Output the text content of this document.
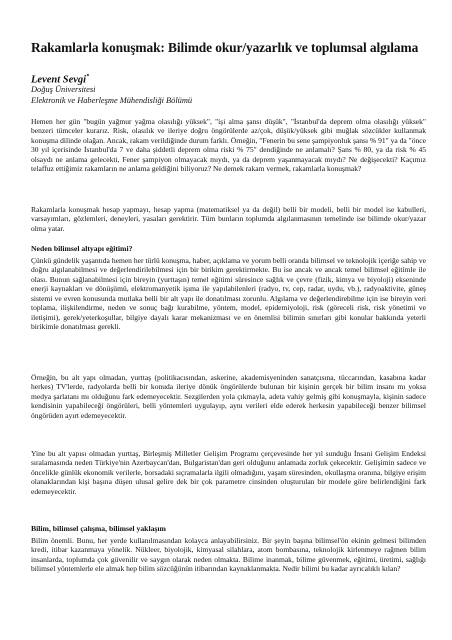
Rakamlarla konuşmak: Bilimde okur/yazarlık ve toplumsal algılama
Levent Sevgi*
Doğuş Üniversitesi
Elektronik ve Haberleşme Mühendisliği Bölümü
Hemen her gün "bugün yağmur yağma olasılığı yüksek", "işi alma şansı düşük", "İstanbul'da deprem olma olasılığı yüksek" benzeri tümceler kurarız. Risk, olasılık ve ileriye doğru öngörülerde az/çok, düşük/yüksek gibi muğlak sözcükler kullanmak konuşma dilinde olağan. Ancak, rakam verildiğinde durum farklı. Örneğin, "Fenerin bu sene şampiyonluk şansı % 91" ya da "önce 30 yıl içerisinde İstanbul'da 7 ve daha şiddetli deprem olma riski % 75" dendiğinde ne anlamalı? Şans % 80, ya da risk % 45 olsaydı ne anlama gelecekti, Fener şampiyon olmayacak mıydı, ya da deprem yaşanmayacak mıydı? Ne değişecekti? Kaçımız telaffuz ettiğimiz rakamların ne anlama geldiğini biliyoruz? Ne demek rakam vermek, rakamlarla konuşmak?
Rakamlarla konuşmak hesap yapmayı, hesap yapma (matematiksel ya da değil) belli bir modeli, belli bir model ise kabulleri, varsayımları, gözlemleri, deneyleri, yasaları gerektirir. Tüm bunların toplumda algılanmasının temelinde ise bilimde okur/yazar olma yatar.
Neden bilimsel altyapı eğitimi?
Çünkü gündelik yaşantıda hemen her türlü konuşma, haber, açıklama ve yorum belli oranda bilimsel ve teknolojik içeriğe sahip ve doğru algılanabilmesi ve değerlendirilebilmesi için bir birikim gerektirmekte. Bu ise ancak ve ancak temel bilimsel eğitimle ile olası. Bunun sağlanabilmesi için bireyin (yurttaşın) temel eğitimi süresince sağlık ve çevre (fizik, kimya ve biyoloji) ekseninde enerji kaynakları ve dönüşümü, elektromanyetik işıma ile yapılabilenleri (radyo, tv, cep, radar, uydu, vb.), radyoaktivite, güneş sistemi ve evren konusunda mutlaka belli bir alt yapı ile donatılması zorunlu. Algılama ve değerlendirebilme için ise bireyin veri toplama, ilişkilendirme, neden ve sonuç bağı kurabilme, yöntem, model, epidemiyoloji, risk (göreceli risk, risk yönetimi ve iletişimi), gerek/yeterkoşullar, bilgiye dayalı karar mekanizması ve en önemlisi bilimin sınırları gibi konular hakkında yeterli birikimle donatılması gerekli.
Örneğin, bu alt yapı olmadan, yurttaş (politikacısından, askerine, akademisyeninden sanatçısına, tüccarından, kasabına kadar herkes) TV'lerde, radyolarda belli bir konuda ileriye dönük öngörülerde bulunan bir kişinin gerçek bir bilim insanı mı yoksa medya şarlatanı mı olduğunu fark edemeyecektir. Sezgilerden yola çıkmayla, adeta vahiy gelmiş gibi konuşmayla, kişinin sadece kendisinin yapabileceği öngörüleri, belli yöntemleri uygulayıp, aynı verileri elde ederek herkesin yapabileceği benzer bilimsel öngörüden ayırt edemeyecektir.
Yine bu alt yapısı olmadan yurttaş, Birleşmiş Milletler Gelişim Programı çerçevesinde her yıl sunduğu İnsani Gelişim Endeksi sıralamasında neden Türkiye'nin Azerbaycan'dan, Bulgaristan'dan geri olduğunu anlamada zorluk çekecektir. Gelişimin sadece ve öncelikle günlük ekonomik verilerle, borsadaki sıçramalarla ilgili olmadığını, yaşam süresinden, okullaşma oranına, bilgiye erişim olanaklarından kişi başına düşen ulusal gelire dek bir çok parametre cinsinden oluşturulan bir modele göre belirlendiğini fark edemeyecektir.
Bilim, bilimsel çalışma, bilimsel yaklaşım
Bilim önemli. Bunu, her yerde kullanılmasından kolayca anlayabilirsiniz. Bir şeyin başına bilimsel'ön ekinin gelmesi bilimden kredi, itibar kazanmaya yönelik. Nükleer, biyolojik, kimyasal silahlara, atom bombasına, teknolojik kirlenmeye rağmen bilim insanlarda, toplumda çok güvenilir ve saygın olarak neden olmakta. Bilime inanmak, bilime güvenmek, eğitimi, üretimi, sağlığı bilimsel yöntemlerle ele almak hep bilim sözcüğünün itibarından kaynaklanmakta. Nedir bilimi bu kadar ayrıcalıklı kılan?
